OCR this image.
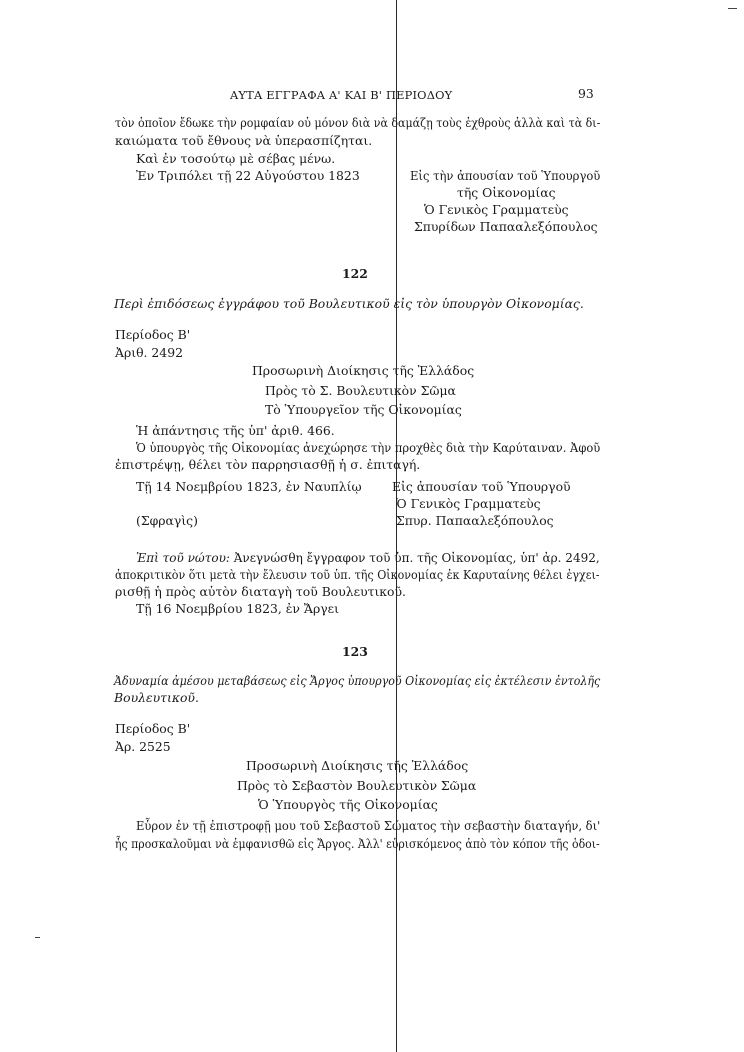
ΑΥΤΑ ΕΓΓΡΑΦΑ Α' ΚΑΙ Β' ΠΕΡΙΟΔΟΥ	93
τὸν ὁποῖον ἔδωκε τὴν ρομφαίαν οὐ μόνον διὰ νὰ δαμάζῃ τοὺς ἐχθροὺς ἀλλὰ καὶ τὰ δι-
καιώματα τοῦ ἔθνους νὰ ὑπερασπίζηται.
Καὶ ἐν τοσούτῳ μὲ σέβας μένω.
Ἐν Τριπόλει τῇ 22 Αὐγούστου 1823	Εἰς τὴν ἀπουσίαν τοῦ Ὑπουργοῦ
τῆς Οἰκονομίας
Ὁ Γενικὸς Γραμματεὺς
Σπυρίδων Παπααλεξόπουλος
122
Περὶ ἐπιδόσεως ἐγγράφου τοῦ Βουλευτικοῦ εἰς τὸν ὑπουργὸν Οἰκονομίας.
Περίοδος Β'
Ἀριθ. 2492
Προσωρινὴ Διοίκησις τῆς Ἑλλάδος
Πρὸς τὸ Σ. Βουλευτικὸν Σῶμα
Τὸ Ὑπουργεῖον τῆς Οἰκονομίας
Ἡ ἀπάντησις τῆς ὑπ' ἀριθ. 466.
Ὁ ὑπουργὸς τῆς Οἰκονομίας ἀνεχώρησε τὴν προχθὲς διὰ τὴν Καρύταιναν. Ἀφοῦ
ἐπιστρέψῃ, θέλει τὸν παρρησιασθῇ ἡ σ. ἐπιταγή.
Τῇ 14 Νοεμβρίου 1823, ἐν Ναυπλίῳ Εἰς ἀπουσίαν τοῦ Ὑπουργοῦ
Ὁ Γενικὸς Γραμματεὺς
(Σφραγὶς)	Σπυρ. Παπααλεξόπουλος
Ἐπὶ τοῦ νώτου: Ἀνεγνώσθη ἔγγραφον τοῦ ὑπ. τῆς Οἰκονομίας, ὑπ' ἀρ. 2492,
ἀποκριτικὸν ὅτι μετὰ τὴν ἔλευσιν τοῦ ὑπ. τῆς Οἰκονομίας ἐκ Καρυταίνης θέλει ἐγχει-
ρισθῇ ἡ πρὸς αὐτὸν διαταγὴ τοῦ Βουλευτικοῦ.
Τῇ 16 Νοεμβρίου 1823, ἐν Ἄργει
123
Ἀδυναμία ἀμέσου μεταβάσεως εἰς Ἄργος ὑπουργοῦ Οἰκονομίας εἰς ἐκτέλεσιν ἐντολῆς
Βουλευτικοῦ.
Περίοδος Β'
Ἀρ. 2525
Προσωρινὴ Διοίκησις τῆς Ἑλλάδος
Πρὸς τὸ Σεβαστὸν Βουλευτικὸν Σῶμα
Ὁ Ὑπουργὸς τῆς Οἰκονομίας
Εὗρον ἐν τῇ ἐπιστροφῇ μου τοῦ Σεβαστοῦ Σώματος τὴν σεβαστὴν διαταγήν, δι'
ἧς προσκαλοῦμαι νὰ ἐμφανισθῶ εἰς Ἄργος. Ἀλλ' εὑρισκόμενος ἀπὸ τὸν κόπον τῆς ὁδοι-
